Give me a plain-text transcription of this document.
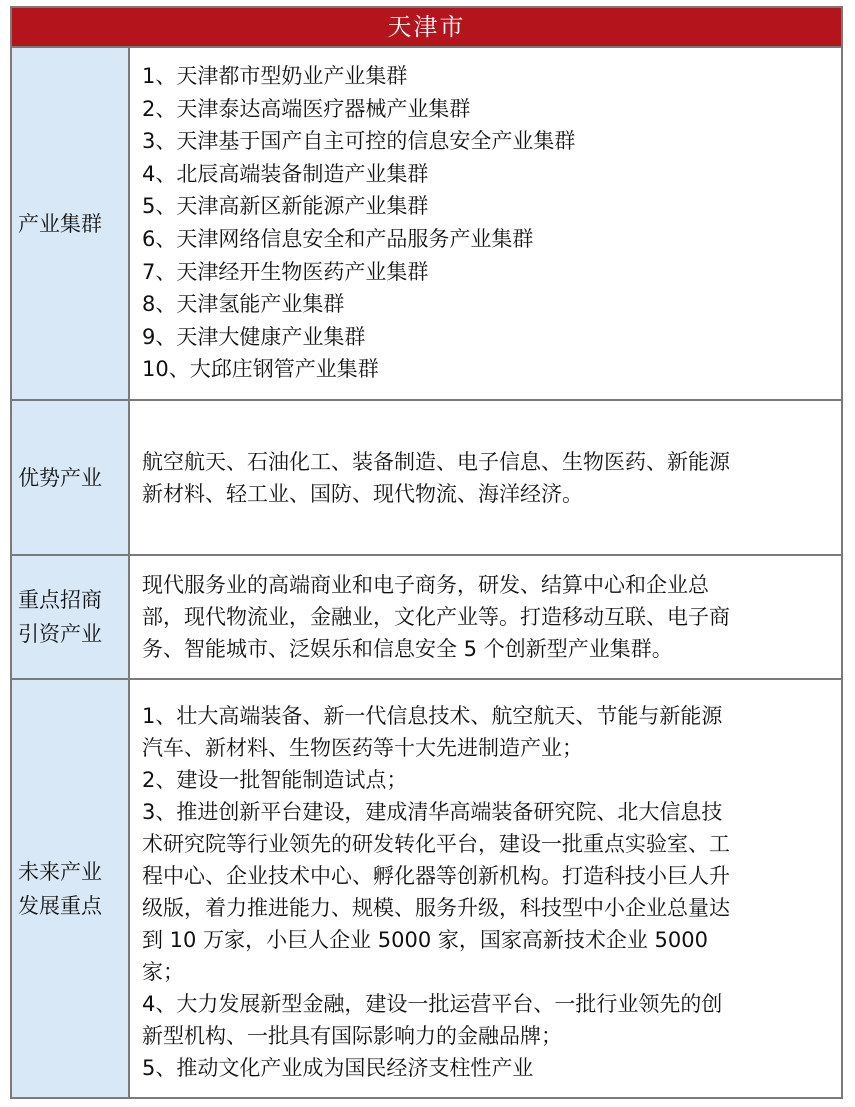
天津市
产业集群
1、天津都市型奶业产业集群
2、天津泰达高端医疗器械产业集群
3、天津基于国产自主可控的信息安全产业集群
4、北辰高端装备制造产业集群
5、天津高新区新能源产业集群
6、天津网络信息安全和产品服务产业集群
7、天津经开生物医药产业集群
8、天津氢能产业集群
9、天津大健康产业集群
10、大邱庄钢管产业集群
优势产业
航空航天、石油化工、装备制造、电子信息、生物医药、新能源
新材料、轻工业、国防、现代物流、海洋经济。
重点招商
引资产业
现代服务业的高端商业和电子商务，研发、结算中心和企业总
部，现代物流业，金融业，文化产业等。打造移动互联、电子商
务、智能城市、泛娱乐和信息安全 5 个创新型产业集群。
未来产业
发展重点
1、壮大高端装备、新一代信息技术、航空航天、节能与新能源
汽车、新材料、生物医药等十大先进制造产业；
2、建设一批智能制造试点；
3、推进创新平台建设，建成清华高端装备研究院、北大信息技
术研究院等行业领先的研发转化平台，建设一批重点实验室、工
程中心、企业技术中心、孵化器等创新机构。打造科技小巨人升
级版，着力推进能力、规模、服务升级，科技型中小企业总量达
到 10 万家，小巨人企业 5000 家，国家高新技术企业 5000
家；
4、大力发展新型金融，建设一批运营平台、一批行业领先的创
新型机构、一批具有国际影响力的金融品牌；
5、推动文化产业成为国民经济支柱性产业
